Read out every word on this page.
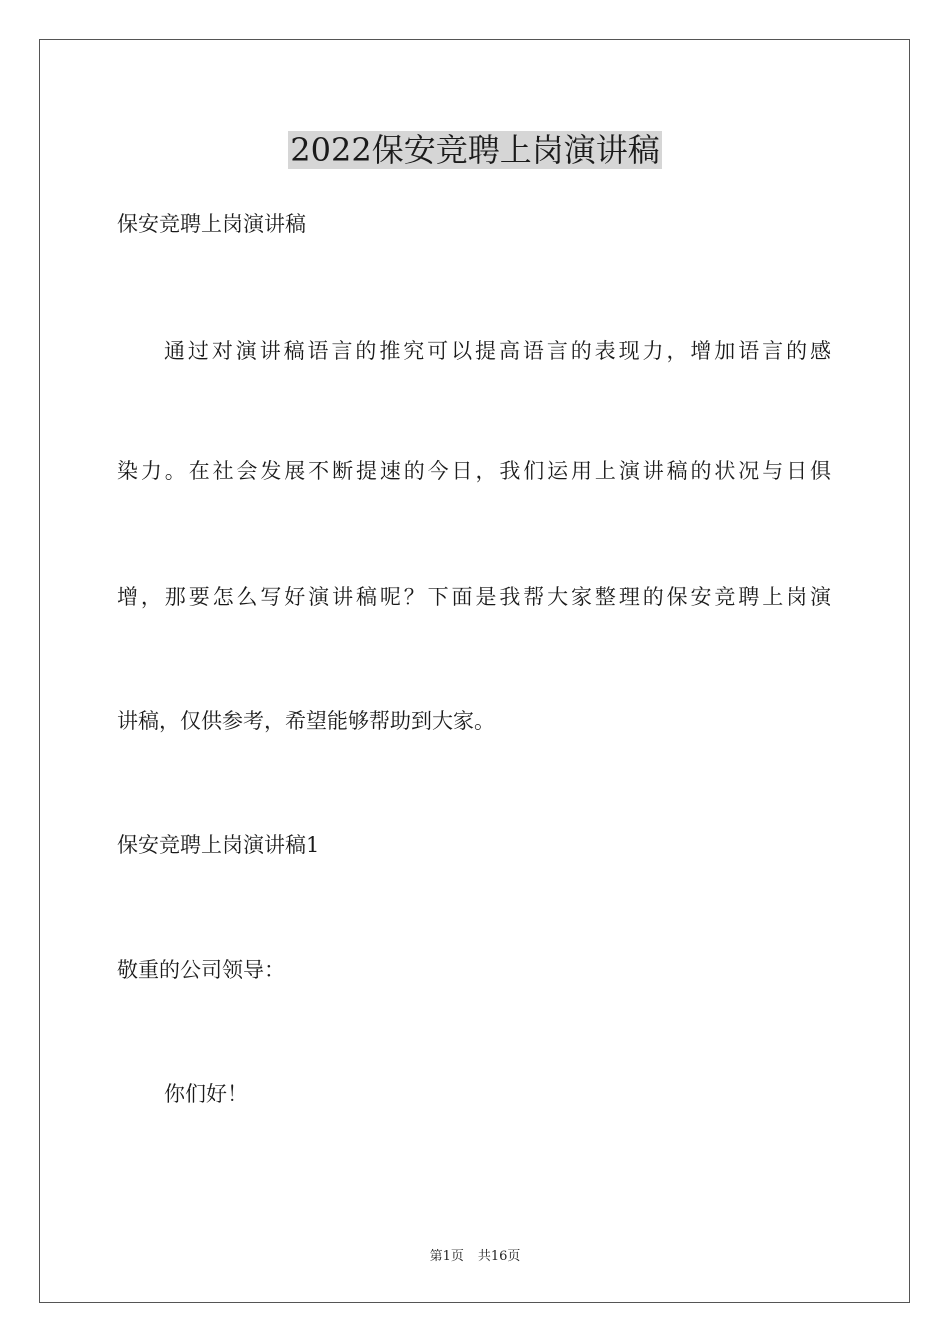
2022保安竞聘上岗演讲稿

保安竞聘上岗演讲稿

通过对演讲稿语言的推究可以提高语言的表现力，增加语言的感

染力。在社会发展不断提速的今日，我们运用上演讲稿的状况与日俱

增，那要怎么写好演讲稿呢？下面是我帮大家整理的保安竞聘上岗演

讲稿，仅供参考，希望能够帮助到大家。

保安竞聘上岗演讲稿1

敬重的公司领导：

你们好！

第1页 共16页
